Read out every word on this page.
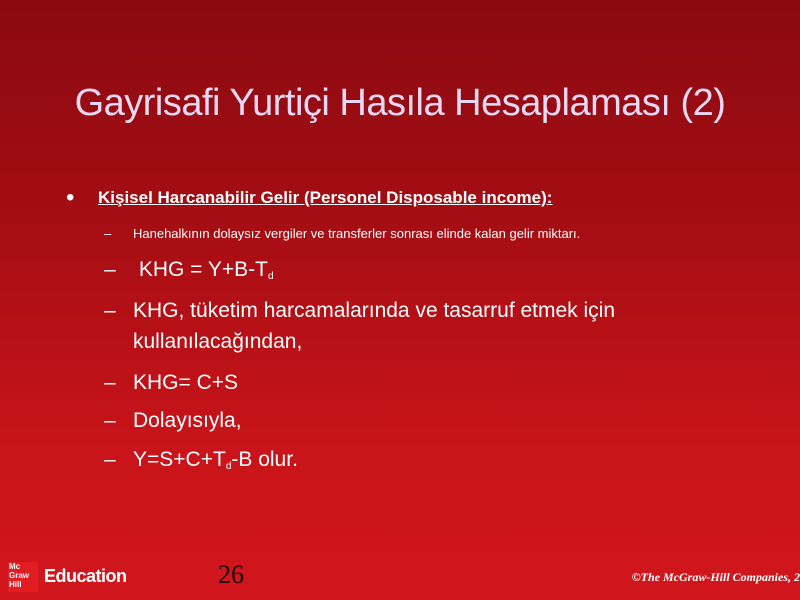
Gayrisafi Yurtiçi Hasıla Hesaplaması (2)
• Kişisel Harcanabilir Gelir (Personel Disposable income):
– Hanehalkının dolaysız vergiler ve transferler sonrası elinde kalan gelir miktarı.
– KHG = $Y+B-T_d$
– KHG, tüketim harcamalarında ve tasarruf etmek için
kullanılacağından,
– KHG= C+S
– Dolayısıyla,
– $Y=S+C+T_d-B$ olur.
Mc
Graw
Hill Education	26	©The McGraw-Hill Companies, 2
